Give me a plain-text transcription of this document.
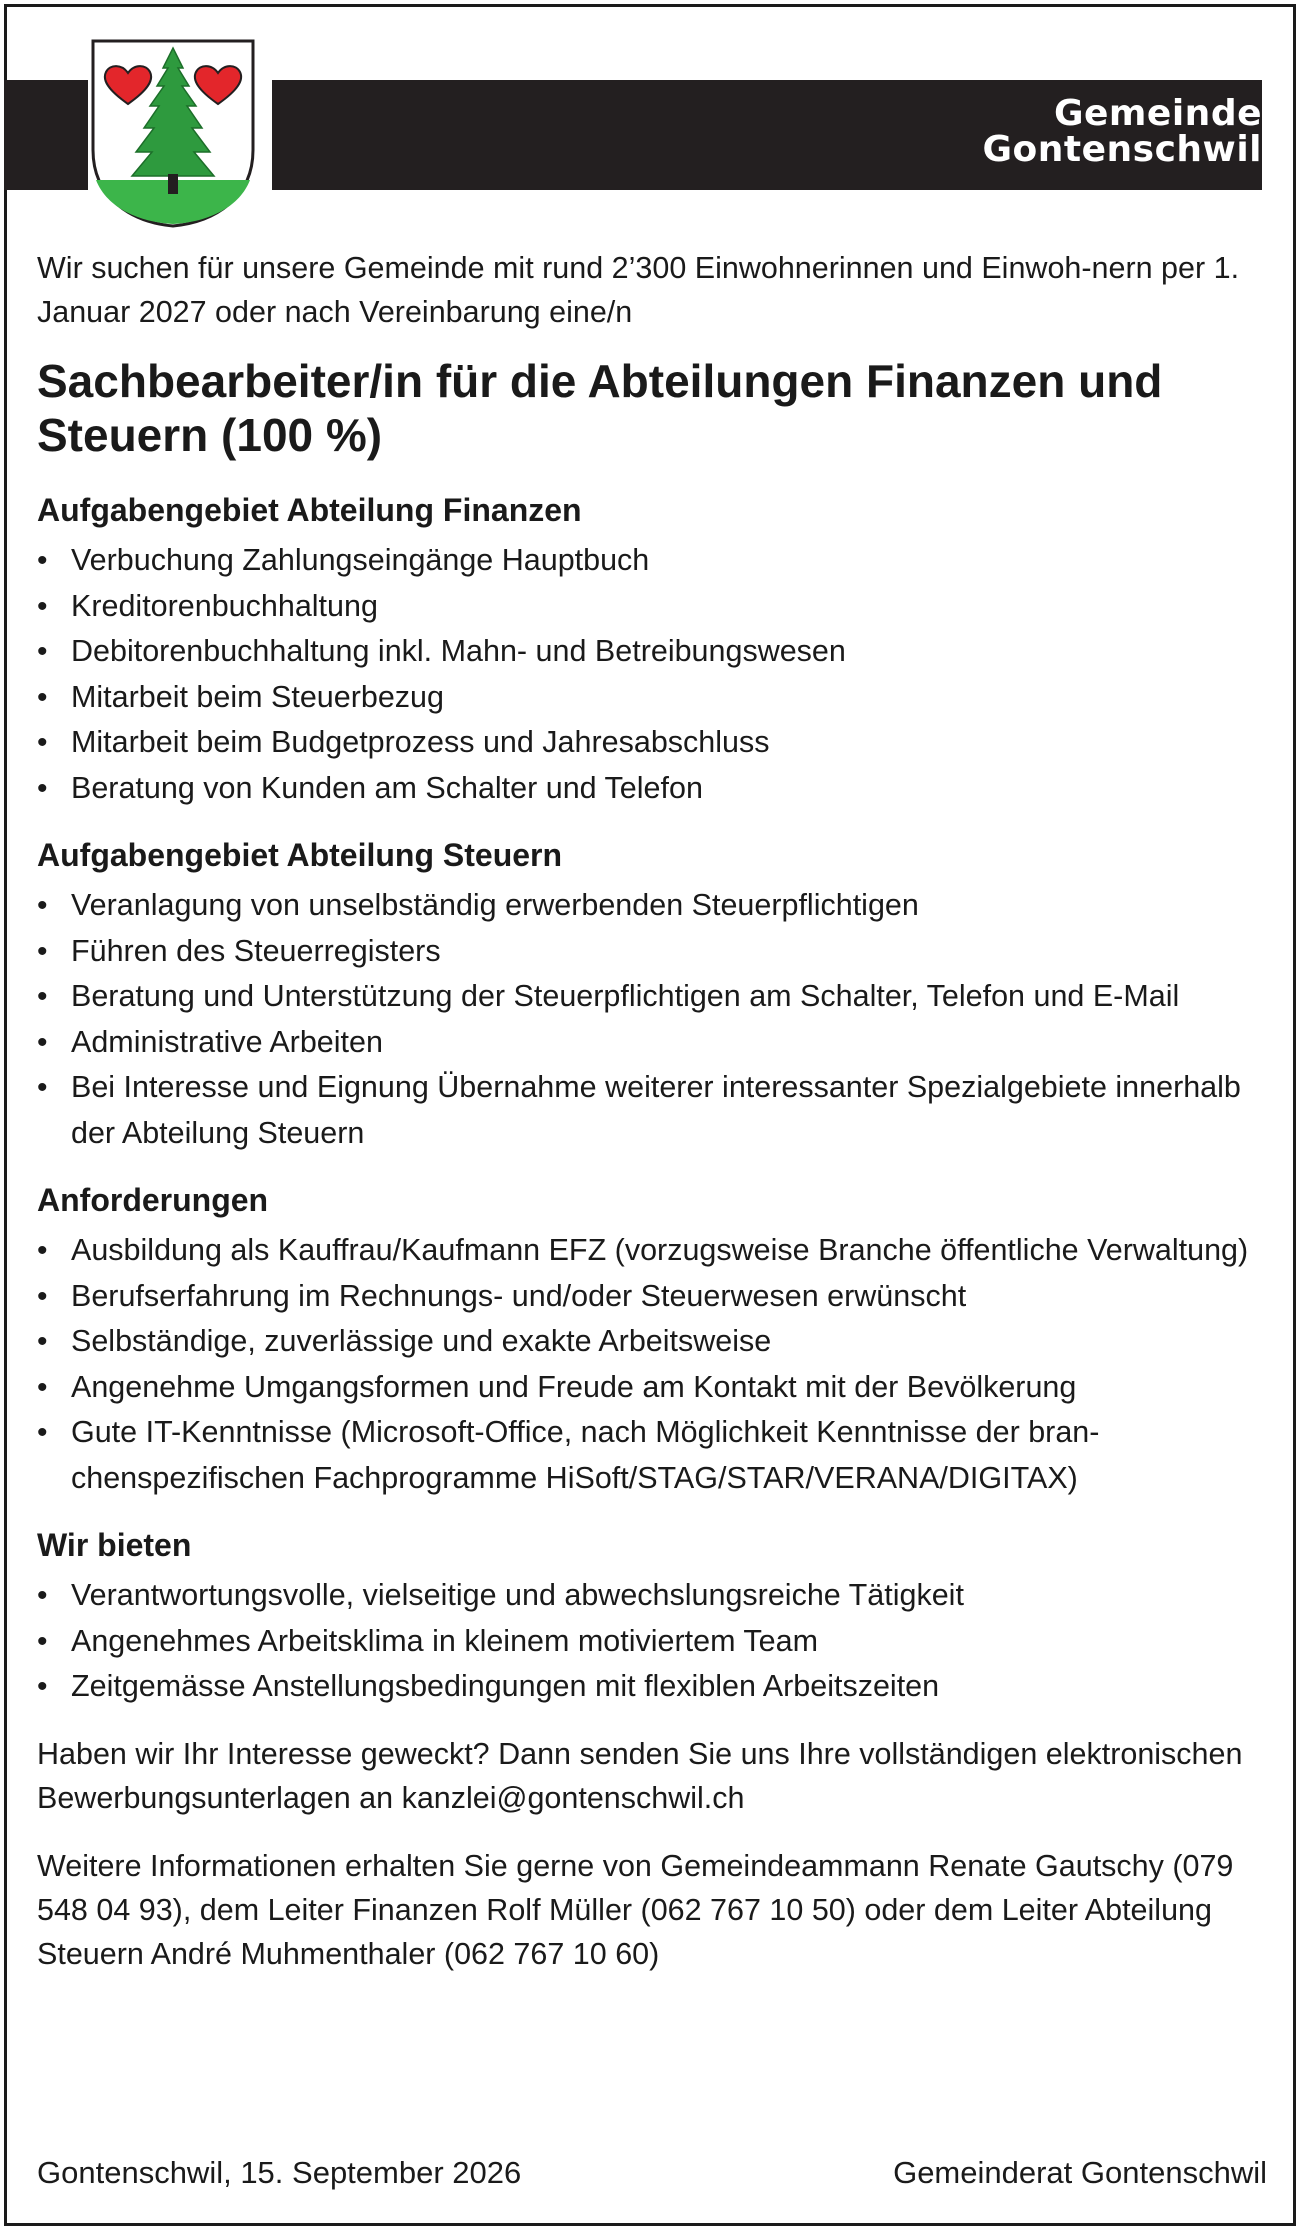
Gemeinde
Gontenschwil

Wir suchen für unsere Gemeinde mit rund 2’300 Einwohnerinnen und Einwoh-nern per 1. Januar 2027 oder nach Vereinbarung eine/n

Sachbearbeiter/in für die Abteilungen Finanzen und Steuern (100 %)
Aufgabengebiet Abteilung Finanzen
• Verbuchung Zahlungseingänge Hauptbuch
• Kreditorenbuchhaltung
• Debitorenbuchhaltung inkl. Mahn- und Betreibungswesen
• Mitarbeit beim Steuerbezug
• Mitarbeit beim Budgetprozess und Jahresabschluss
• Beratung von Kunden am Schalter und Telefon
Aufgabengebiet Abteilung Steuern
• Veranlagung von unselbständig erwerbenden Steuerpflichtigen
• Führen des Steuerregisters
• Beratung und Unterstützung der Steuerpflichtigen am Schalter, Telefon und E-Mail
• Administrative Arbeiten
• Bei Interesse und Eignung Übernahme weiterer interessanter Spezialgebiete innerhalb der Abteilung Steuern
Anforderungen
• Ausbildung als Kauffrau/Kaufmann EFZ (vorzugsweise Branche öffentliche Verwaltung)
• Berufserfahrung im Rechnungs- und/oder Steuerwesen erwünscht
• Selbständige, zuverlässige und exakte Arbeitsweise
• Angenehme Umgangsformen und Freude am Kontakt mit der Bevölkerung
• Gute IT-Kenntnisse (Microsoft-Office, nach Möglichkeit Kenntnisse der bran-chenspezifischen Fachprogramme HiSoft/STAG/STAR/VERANA/DIGITAX)
Wir bieten
• Verantwortungsvolle, vielseitige und abwechslungsreiche Tätigkeit
• Angenehmes Arbeitsklima in kleinem motiviertem Team
• Zeitgemässe Anstellungsbedingungen mit flexiblen Arbeitszeiten

Haben wir Ihr Interesse geweckt? Dann senden Sie uns Ihre vollständigen elektronischen Bewerbungsunterlagen an kanzlei@gontenschwil.ch

Weitere Informationen erhalten Sie gerne von Gemeindeammann Renate Gautschy (079 548 04 93), dem Leiter Finanzen Rolf Müller (062 767 10 50) oder dem Leiter Abteilung Steuern André Muhmenthaler (062 767 10 60)

Gontenschwil, 15. September 2026	Gemeinderat Gontenschwil
